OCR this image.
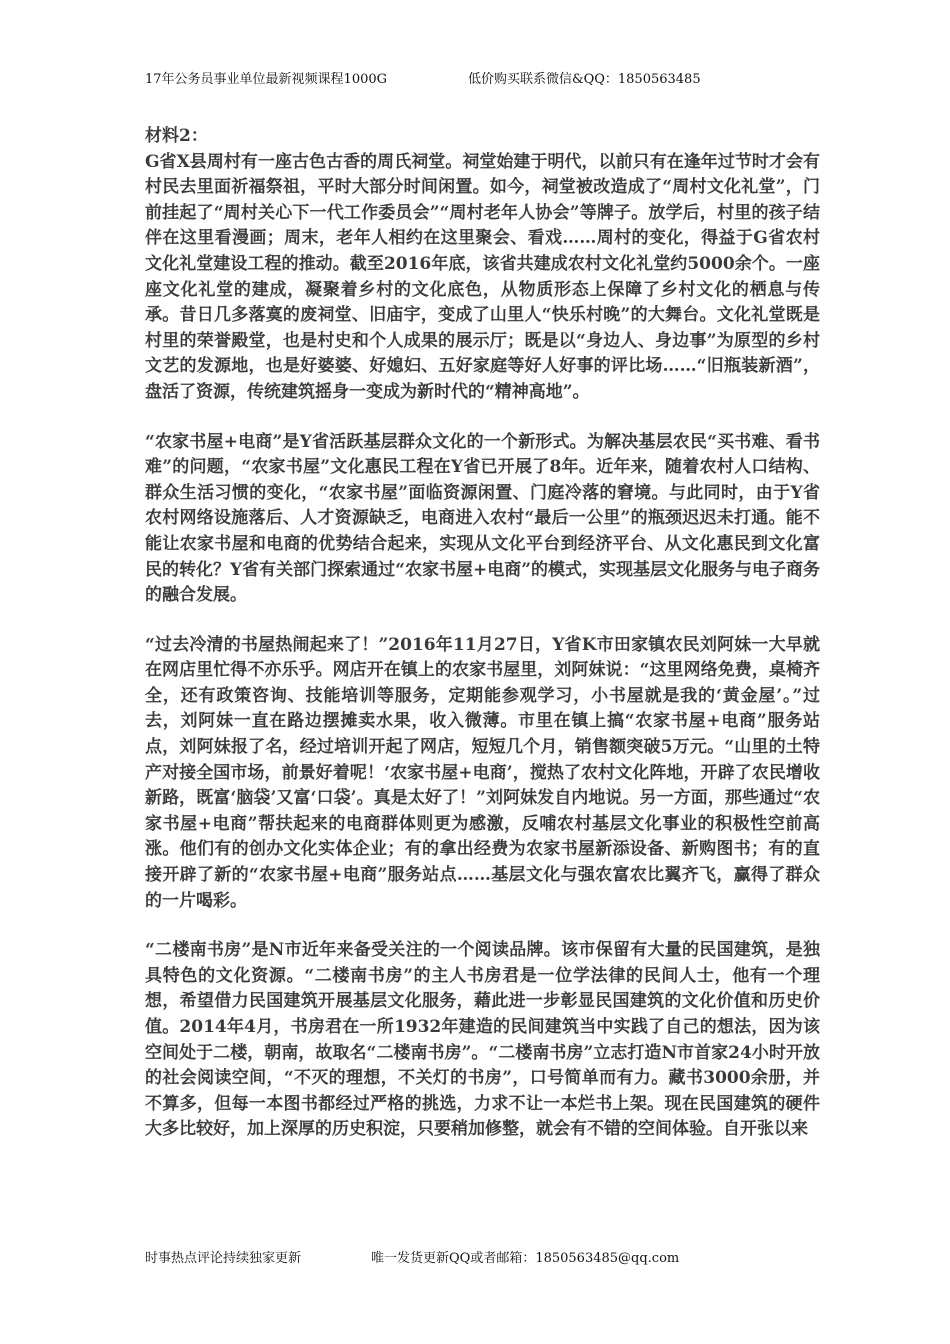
17年公务员事业单位最新视频课程1000G	低价购买联系微信&QQ：1850563485
材料2：

G省X县周村有一座古色古香的周氏祠堂。祠堂始建于明代，以前只有在逢年过节时才会有村民去里面祈福祭祖，平时大部分时间闲置。如今，祠堂被改造成了“周村文化礼堂”，门前挂起了“周村关心下一代工作委员会”“周村老年人协会”等牌子。放学后，村里的孩子结伴在这里看漫画；周末，老年人相约在这里聚会、看戏……周村的变化，得益于G省农村文化礼堂建设工程的推动。截至2016年底，该省共建成农村文化礼堂约5000余个。一座座文化礼堂的建成，凝聚着乡村的文化底色，从物质形态上保障了乡村文化的栖息与传承。昔日几多落寞的废祠堂、旧庙宇，变成了山里人“快乐村晚”的大舞台。文化礼堂既是村里的荣誉殿堂，也是村史和个人成果的展示厅；既是以“身边人、身边事”为原型的乡村文艺的发源地，也是好婆婆、好媳妇、五好家庭等好人好事的评比场……“旧瓶装新酒”，盘活了资源，传统建筑摇身一变成为新时代的“精神高地”。

“农家书屋+电商”是Y省活跃基层群众文化的一个新形式。为解决基层农民“买书难、看书难”的问题，“农家书屋”文化惠民工程在Y省已开展了8年。近年来，随着农村人口结构、群众生活习惯的变化，“农家书屋”面临资源闲置、门庭冷落的窘境。与此同时，由于Y省农村网络设施落后、人才资源缺乏，电商进入农村“最后一公里”的瓶颈迟迟未打通。能不能让农家书屋和电商的优势结合起来，实现从文化平台到经济平台、从文化惠民到文化富民的转化？Y省有关部门探索通过“农家书屋+电商”的模式，实现基层文化服务与电子商务的融合发展。

“过去冷清的书屋热闹起来了！”2016年11月27日，Y省K市田家镇农民刘阿妹一大早就在网店里忙得不亦乐乎。网店开在镇上的农家书屋里，刘阿妹说：“这里网络免费，桌椅齐全，还有政策咨询、技能培训等服务，定期能参观学习，小书屋就是我的‘黄金屋’。”过去，刘阿妹一直在路边摆摊卖水果，收入微薄。市里在镇上搞“农家书屋+电商”服务站点，刘阿妹报了名，经过培训开起了网店，短短几个月，销售额突破5万元。“山里的土特产对接全国市场，前景好着呢！‘农家书屋+电商’，搅热了农村文化阵地，开辟了农民增收新路，既富‘脑袋’又富‘口袋’。真是太好了！”刘阿妹发自内地说。另一方面，那些通过“农家书屋+电商”帮扶起来的电商群体则更为感激，反哺农村基层文化事业的积极性空前高涨。他们有的创办文化实体企业；有的拿出经费为农家书屋新添设备、新购图书；有的直接开辟了新的“农家书屋+电商”服务站点……基层文化与强农富农比翼齐飞，赢得了群众的一片喝彩。

“二楼南书房”是N市近年来备受关注的一个阅读品牌。该市保留有大量的民国建筑，是独具特色的文化资源。“二楼南书房”的主人书房君是一位学法律的民间人士，他有一个理想，希望借力民国建筑开展基层文化服务，藉此进一步彰显民国建筑的文化价值和历史价值。2014年4月，书房君在一所1932年建造的民间建筑当中实践了自己的想法，因为该空间处于二楼，朝南，故取名“二楼南书房”。“二楼南书房”立志打造N市首家24小时开放的社会阅读空间，“不灭的理想，不关灯的书房”，口号简单而有力。藏书3000余册，并不算多，但每一本图书都经过严格的挑选，力求不让一本烂书上架。现在民国建筑的硬件大多比较好，加上深厚的历史积淀，只要稍加修整，就会有不错的空间体验。自开张以来

时事热点评论持续独家更新	唯一发货更新QQ或者邮箱：1850563485@qq.com
